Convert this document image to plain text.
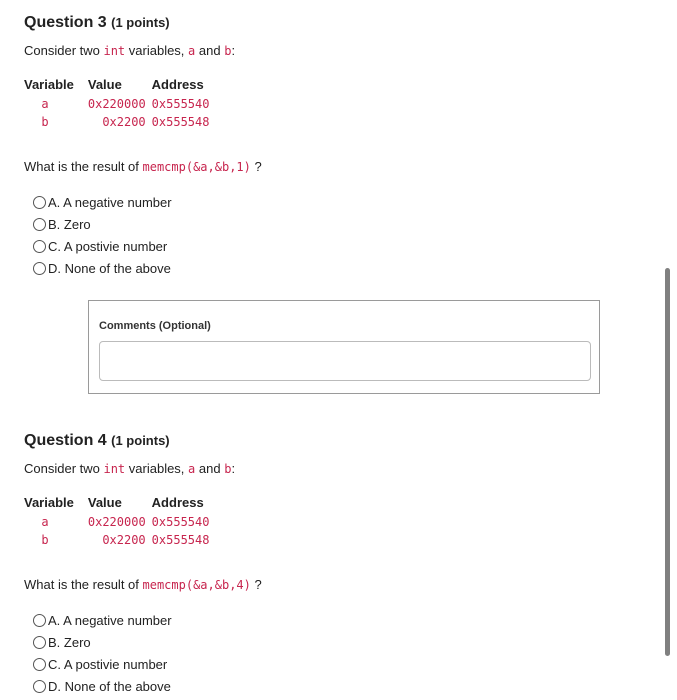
Question 3 (1 points)
Consider two int variables, a and b:
Variable	Value	Address
a	0x220000	0x555540
b	0x2200	0x555548
What is the result of memcmp(&a,&b,1) ?
A. A negative number
B. Zero
C. A postivie number
D. None of the above
Comments (Optional)
Question 4 (1 points)
Consider two int variables, a and b:
Variable	Value	Address
a	0x220000	0x555540
b	0x2200	0x555548
What is the result of memcmp(&a,&b,4) ?
A. A negative number
B. Zero
C. A postivie number
D. None of the above
